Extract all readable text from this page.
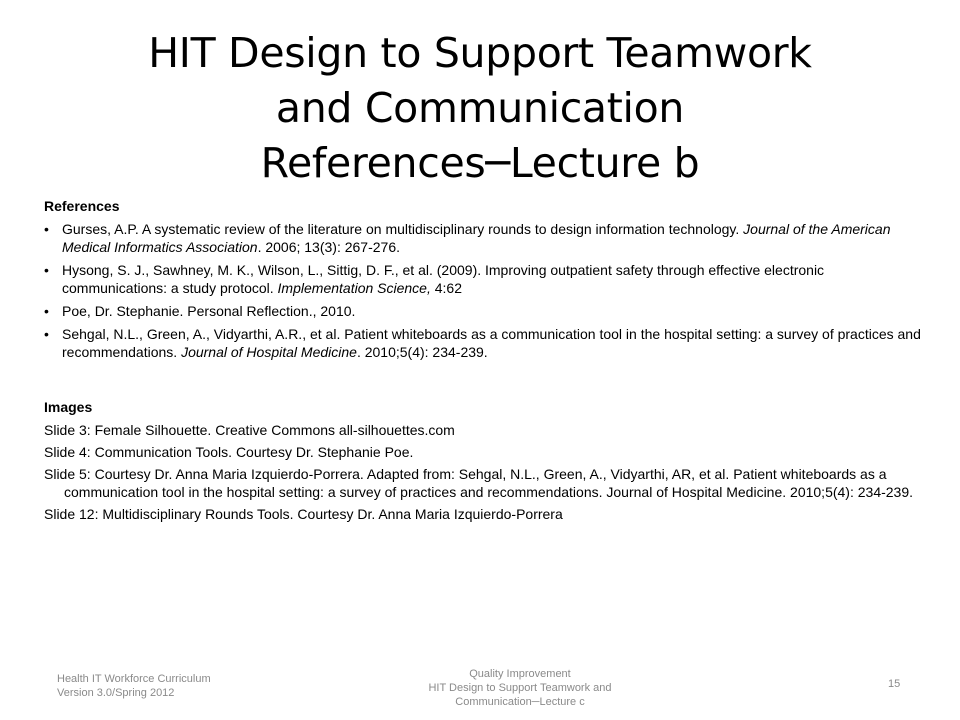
HIT Design to Support Teamwork
and Communication
References─Lecture b
References
• Gurses, A.P. A systematic review of the literature on multidisciplinary rounds to design information technology. Journal of the American Medical Informatics Association. 2006; 13(3): 267-276.
• Hysong, S. J., Sawhney, M. K., Wilson, L., Sittig, D. F., et al. (2009). Improving outpatient safety through effective electronic communications: a study protocol. Implementation Science, 4:62
• Poe, Dr. Stephanie. Personal Reflection., 2010.
• Sehgal, N.L., Green, A., Vidyarthi, A.R., et al. Patient whiteboards as a communication tool in the hospital setting: a survey of practices and recommendations. Journal of Hospital Medicine. 2010;5(4): 234-239.
Images
Slide 3: Female Silhouette. Creative Commons all-silhouettes.com
Slide 4: Communication Tools. Courtesy Dr. Stephanie Poe.
Slide 5: Courtesy Dr. Anna Maria Izquierdo-Porrera. Adapted from: Sehgal, N.L., Green, A., Vidyarthi, AR, et al. Patient whiteboards as a communication tool in the hospital setting: a survey of practices and recommendations. Journal of Hospital Medicine. 2010;5(4): 234-239.
Slide 12: Multidisciplinary Rounds Tools. Courtesy Dr. Anna Maria Izquierdo-Porrera
Health IT Workforce Curriculum
Version 3.0/Spring 2012
Quality Improvement
HIT Design to Support Teamwork and
Communication─Lecture c
15
